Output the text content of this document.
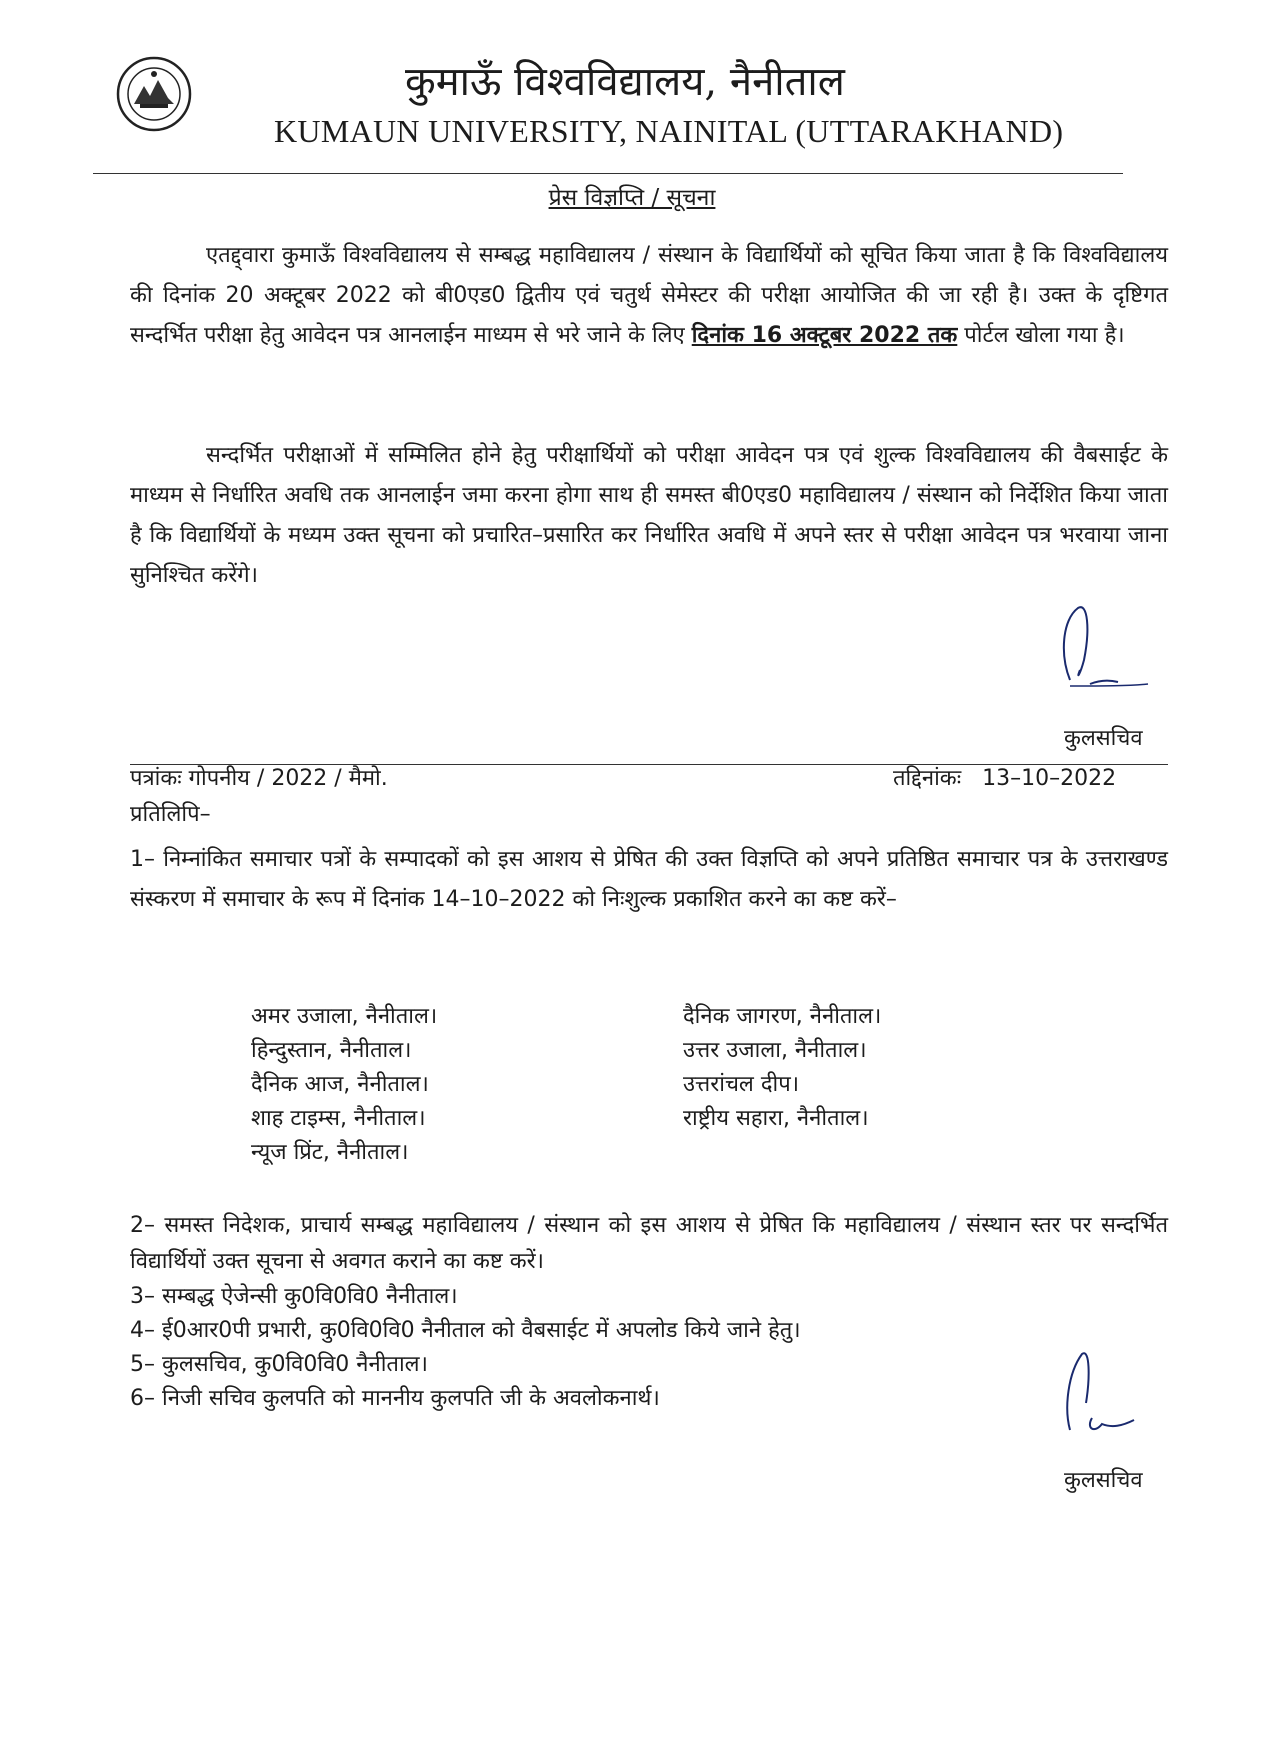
कुमाऊँ विश्वविद्यालय, नैनीताल
KUMAUN UNIVERSITY, NAINITAL (UTTARAKHAND)
प्रेस विज्ञप्ति / सूचना

एतद्द्वारा कुमाऊँ विश्वविद्यालय से सम्बद्ध महाविद्यालय / संस्थान के विद्यार्थियों को सूचित किया जाता है कि विश्वविद्यालय की दिनांक 20 अक्टूबर 2022 को बी0एड0 द्वितीय एवं चतुर्थ सेमेस्टर की परीक्षा आयोजित की जा रही है। उक्त के दृष्टिगत सन्दर्भित परीक्षा हेतु आवेदन पत्र आनलाईन माध्यम से भरे जाने के लिए दिनांक 16 अक्टूबर 2022 तक पोर्टल खोला गया है।

सन्दर्भित परीक्षाओं में सम्मिलित होने हेतु परीक्षार्थियों को परीक्षा आवेदन पत्र एवं शुल्क विश्वविद्यालय की वैबसाईट के माध्यम से निर्धारित अवधि तक आनलाईन जमा करना होगा साथ ही समस्त बी0एड0 महाविद्यालय / संस्थान को निर्देशित किया जाता है कि विद्यार्थियों के मध्यम उक्त सूचना को प्रचारित–प्रसारित कर निर्धारित अवधि में अपने स्तर से परीक्षा आवेदन पत्र भरवाया जाना सुनिश्चित करेंगे।

कुलसचिव
पत्रांकः गोपनीय / 2022 / मैमो.	तद्दिनांकः 13–10–2022
प्रतिलिपि–
1– निम्नांकित समाचार पत्रों के सम्पादकों को इस आशय से प्रेषित की उक्त विज्ञप्ति को अपने प्रतिष्ठित समाचार पत्र के उत्तराखण्ड संस्करण में समाचार के रूप में दिनांक 14–10–2022 को निःशुल्क प्रकाशित करने का कष्ट करें–
अमर उजाला, नैनीताल।
हिन्दुस्तान, नैनीताल।
दैनिक आज, नैनीताल।
शाह टाइम्स, नैनीताल।
न्यूज प्रिंट, नैनीताल।
दैनिक जागरण, नैनीताल।
उत्तर उजाला, नैनीताल।
उत्तरांचल दीप।
राष्ट्रीय सहारा, नैनीताल।
2– समस्त निदेशक, प्राचार्य सम्बद्ध महाविद्यालय / संस्थान को इस आशय से प्रेषित कि महाविद्यालय / संस्थान स्तर पर सन्दर्भित विद्यार्थियों उक्त सूचना से अवगत कराने का कष्ट करें।
3– सम्बद्ध ऐजेन्सी कु0वि0वि0 नैनीताल।
4– ई0आर0पी प्रभारी, कु0वि0वि0 नैनीताल को वैबसाईट में अपलोड किये जाने हेतु।
5– कुलसचिव, कु0वि0वि0 नैनीताल।
6– निजी सचिव कुलपति को माननीय कुलपति जी के अवलोकनार्थ।
कुलसचिव
